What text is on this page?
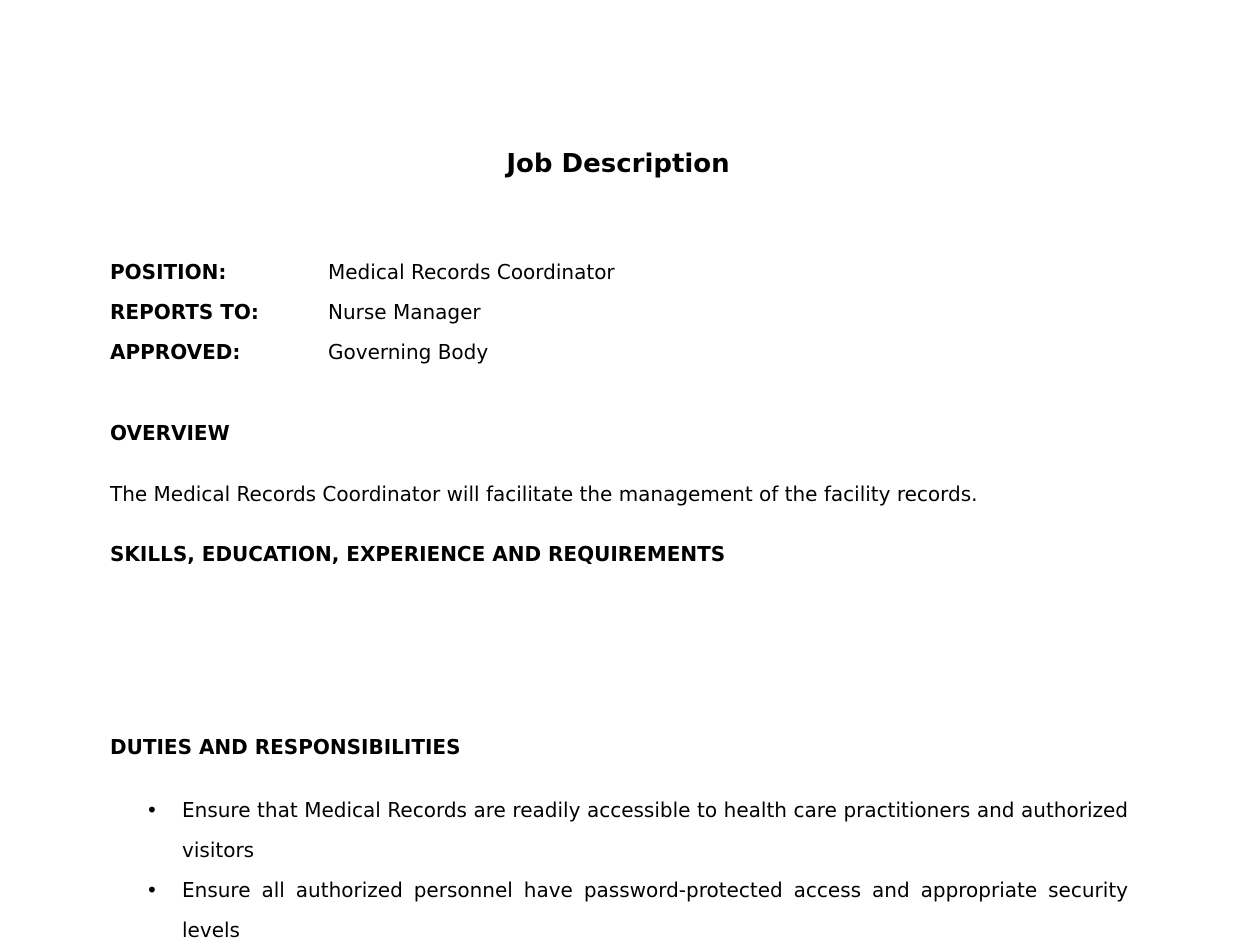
Job Description
POSITION:	Medical Records Coordinator
REPORTS TO:	Nurse Manager
APPROVED:	Governing Body
OVERVIEW

The Medical Records Coordinator will facilitate the management of the facility records.

SKILLS, EDUCATION, EXPERIENCE AND REQUIREMENTS
DUTIES AND RESPONSIBILITIES
• Ensure that Medical Records are readily accessible to health care practitioners and authorized visitors
• Ensure all authorized personnel have password-protected access and appropriate security levels
